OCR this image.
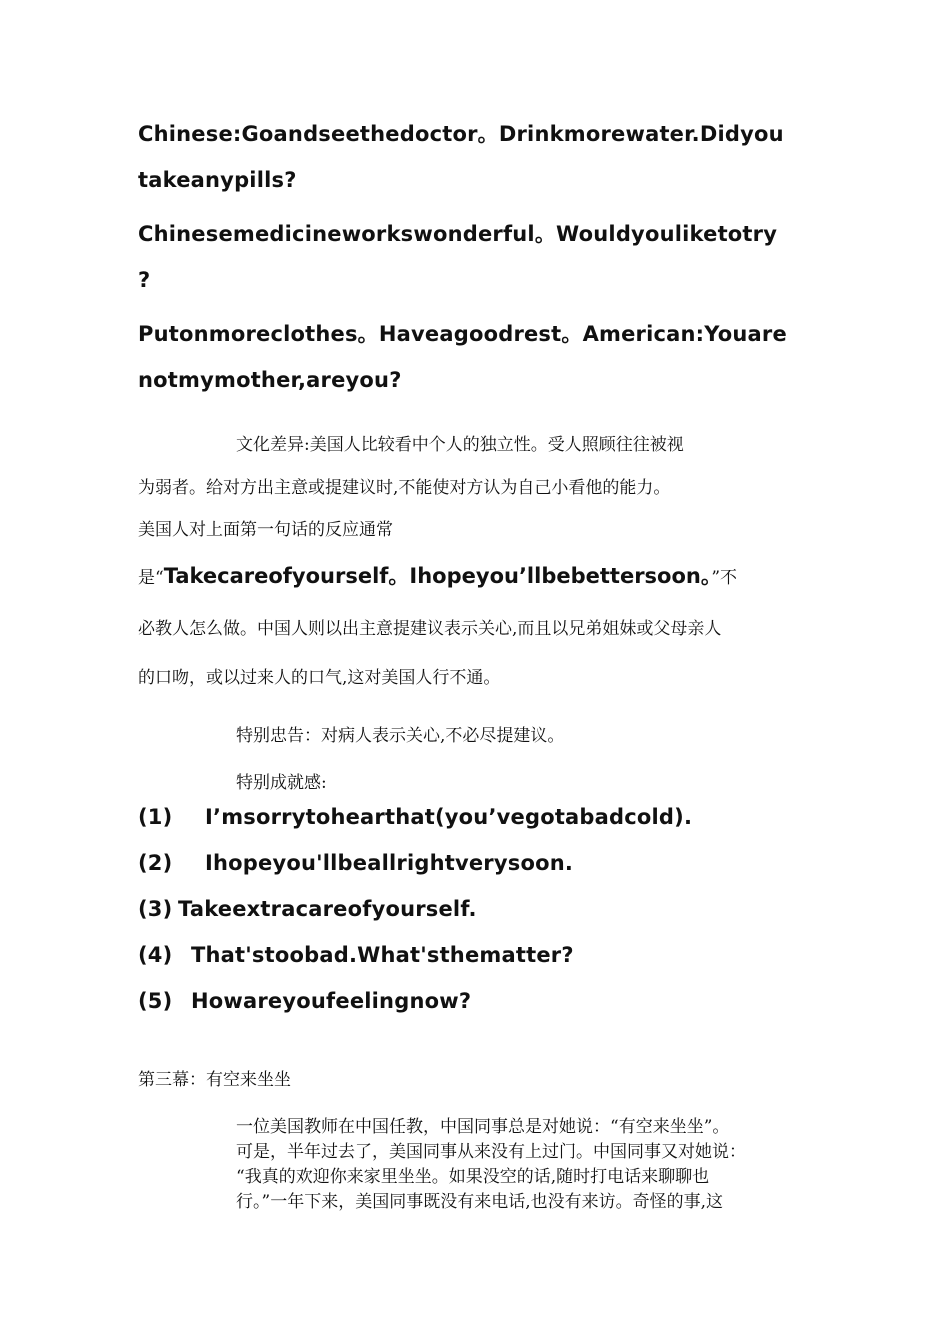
Chinese:Goandseethedoctor。Drinkmorewater.Didyou
takeanypills?
Chinesemedicineworkswonderful。Wouldyouliketotry
?
Putonmoreclothes。Haveagoodrest。American:Youare
notmymother,areyou?
文化差异:美国人比较看中个人的独立性。受人照顾往往被视
为弱者。给对方出主意或提建议时,不能使对方认为自己小看他的能力。
美国人对上面第一句话的反应通常
是“Takecareofyourself。Ihopeyouʼllbebettersoon。”不
必教人怎么做。中国人则以出主意提建议表示关心,而且以兄弟姐妹或父母亲人
的口吻，或以过来人的口气,这对美国人行不通。
特别忠告：对病人表示关心,不必尽提建议。
特别成就感:
(1) Iʼmsorrytohearthat(youʼvegotabadcold).
(2) Ihopeyou'llbeallrightverysoon.
(3) Takeextracareofyourself.
(4) That'stoobad.What'sthematter?
(5) Howareyoufeelingnow?
第三幕：有空来坐坐
一位美国教师在中国任教，中国同事总是对她说：“有空来坐坐”。
可是，半年过去了，美国同事从来没有上过门。中国同事又对她说：
“我真的欢迎你来家里坐坐。如果没空的话,随时打电话来聊聊也
行。”一年下来，美国同事既没有来电话,也没有来访。奇怪的事,这
